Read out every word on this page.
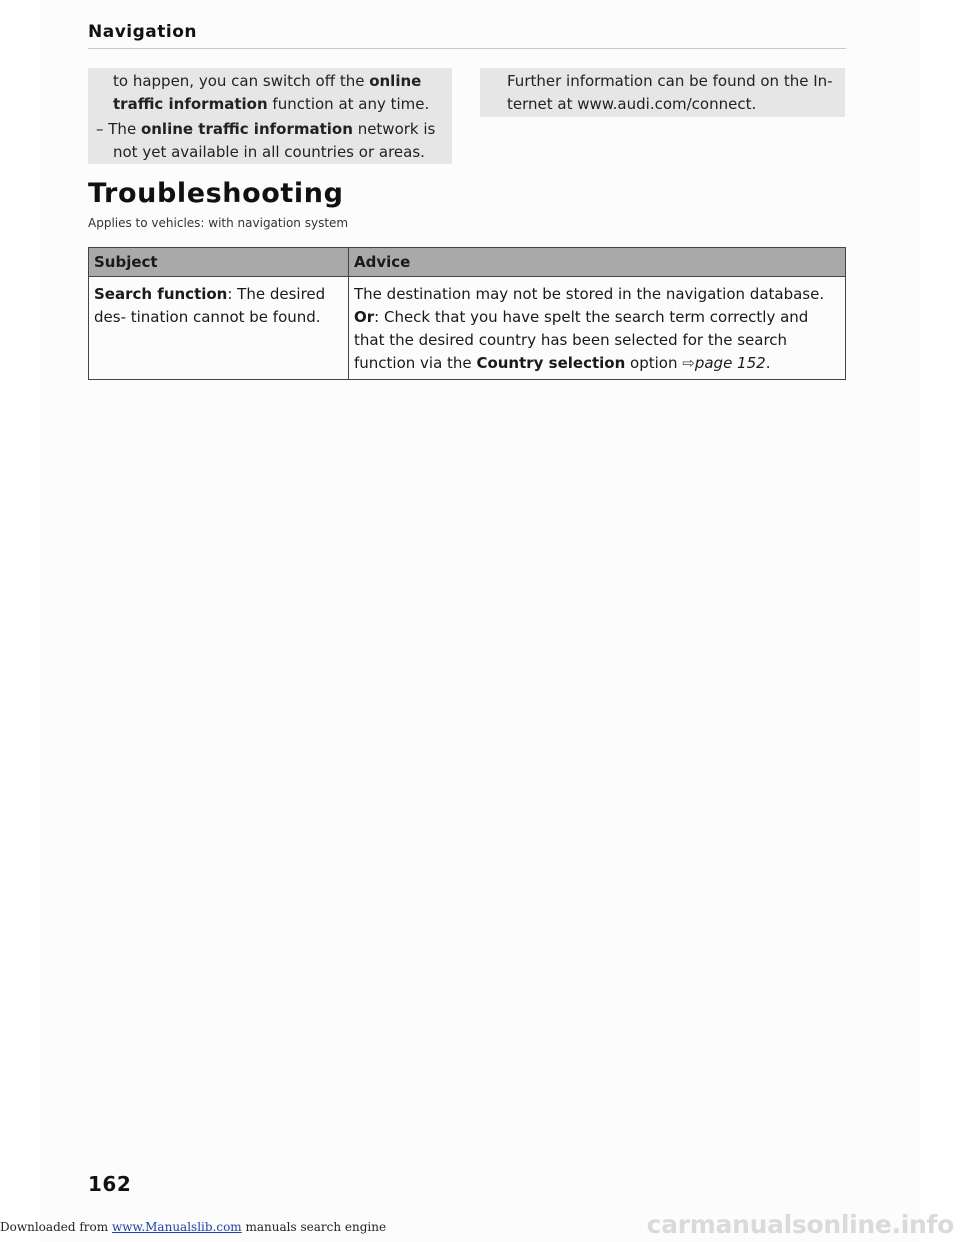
Navigation
to happen, you can switch off the online
traffic information function at any time.
– The online traffic information network is
not yet available in all countries or areas.
Further information can be found on the In-
ternet at www.audi.com/connect.
Troubleshooting
Applies to vehicles: with navigation system
Subject	Advice
Search function: The desired des- tination cannot be found.	The destination may not be stored in the navigation database. Or: Check that you have spelt the search term correctly and that the desired country has been selected for the search function via the Country selection option ⇨page 152.
162
Downloaded from www.Manualslib.com manuals search engine	carmanualsonline.info
